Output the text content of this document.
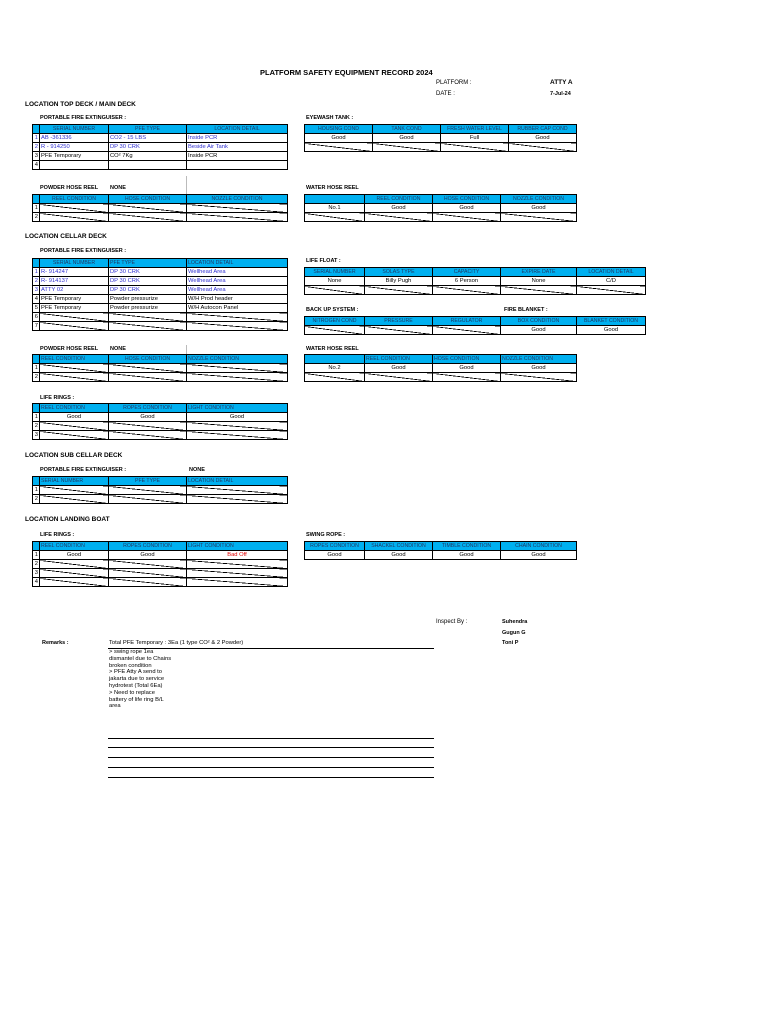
PLATFORM SAFETY EQUIPMENT RECORD 2024
PLATFORM :	ATTY A
DATE :	7-Jul-24
LOCATION TOP DECK / MAIN DECK
PORTABLE FIRE EXTINGUISER :
	SERIAL NUMBER	PFE TYPE	LOCATION DETAIL
1	AB -361336	CO2 - 15 LBS	Inside PCR
2	R - 914250	DP 30 CRK	Beside Air Tank
3	PFE Temporary	CO² 7Kg	Inside PCR
4			
EYEWASH TANK :
HOUSING COND	TANK COND	FRESH WATER LEVEL	RUBBER CAP COND
Good	Good	Full	Good

POWDER HOSE REEL NONE
	REEL CONDITION	HOSE CONDITION	NOZZLE CONDITION
1			
2			
WATER HOSE REEL
	REEL CONDITION	HOSE CONDITION	NOZZLE CONDITION
No.1	Good	Good	Good

LOCATION CELLAR DECK
PORTABLE FIRE EXTINGUISER :
	SERIAL NUMBER	PFE TYPE	LOCATION DETAIL
1	R- 914247	DP 30 CRK	Wellhead Area
2	R- 914137	DP 30 CRK	Wellhead Area
3	ATTY 02	DP 30 CRK	Wellhead Area
4	PFE Temporary	Powder pressurize	W/H Prod header
5	PFE Temporary	Powder pressurize	W/H Autocon Panel
6			
7			
LIFE FLOAT :
SERIAL NUMBER	SOLAS TYPE	CAPACITY	EXPIRE DATE	LOCATION DETAIL
None	Billy Pugh	6 Person	None	C/D

BACK UP SYSTEM :	FIRE BLANKET :
NITROGEN COND	PRESSURE	REGULATOR	BOX CONDITION	BLANKET CONDITION
			Good	Good
POWDER HOSE REEL NONE
	REEL CONDITION	HOSE CONDITION	NOZZLE CONDITION
1			
2			
WATER HOSE REEL
	REEL CONDITION	HOSE CONDITION	NOZZLE CONDITION
No.2	Good	Good	Good

LIFE RINGS :
	REEL CONDITION	ROPES CONDITION	LIGHT CONDITION
1	Good	Good	Good
2			
3			
LOCATION SUB CELLAR DECK
PORTABLE FIRE EXTINGUISER :	NONE
	SERIAL NUMBER	PFE TYPE	LOCATION DETAIL
1			
2			
LOCATION LANDING BOAT
LIFE RINGS :
	REEL CONDITION	ROPES CONDITION	LIGHT CONDITION
1	Good	Good	Bad Off
2			
3			
4			
SWING ROPE :
ROPES CONDITION	SHACKEL CONDITION	TIMBLE CONDITION	CHAIN CONDITION
Good	Good	Good	Good
Inspect By :	Suhendra
Gugun G
Toni P
Remarks :	Total PFE Temporary : 3Ea (1 type CO² & 2 Powder)
> swing rope 1ea
dismantel due to Chains
broken condition
> PFE Atty A send to
jakarta due to service
hydrotest (Total 6Ea)
> Need to replace
battery of life ring B/L
area
